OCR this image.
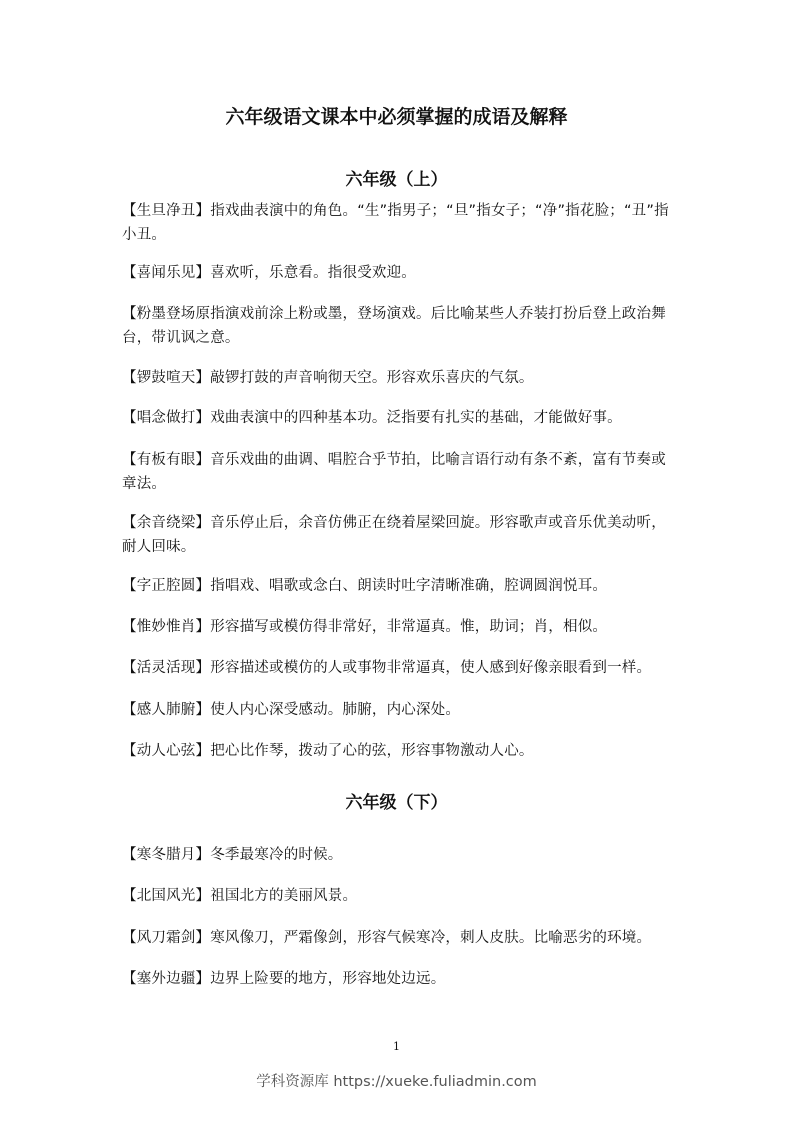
六年级语文课本中必须掌握的成语及解释
六年级（上）
【生旦净丑】指戏曲表演中的角色。“生”指男子；“旦”指女子；“净”指花脸；“丑”指小丑。
【喜闻乐见】喜欢听，乐意看。指很受欢迎。
【粉墨登场原指演戏前涂上粉或墨，登场演戏。后比喻某些人乔装打扮后登上政治舞台，带讥讽之意。
【锣鼓喧天】敲锣打鼓的声音响彻天空。形容欢乐喜庆的气氛。
【唱念做打】戏曲表演中的四种基本功。泛指要有扎实的基础，才能做好事。
【有板有眼】音乐戏曲的曲调、唱腔合乎节拍，比喻言语行动有条不紊，富有节奏或章法。
【余音绕梁】音乐停止后，余音仿佛正在绕着屋梁回旋。形容歌声或音乐优美动听，耐人回味。
【字正腔圆】指唱戏、唱歌或念白、朗读时吐字清晰准确，腔调圆润悦耳。
【惟妙惟肖】形容描写或模仿得非常好，非常逼真。惟，助词；肖，相似。
【活灵活现】形容描述或模仿的人或事物非常逼真，使人感到好像亲眼看到一样。
【感人肺腑】使人内心深受感动。肺腑，内心深处。
【动人心弦】把心比作琴，拨动了心的弦，形容事物激动人心。
六年级（下）
【寒冬腊月】冬季最寒冷的时候。
【北国风光】祖国北方的美丽风景。
【风刀霜剑】寒风像刀，严霜像剑，形容气候寒冷，刺人皮肤。比喻恶劣的环境。
【塞外边疆】边界上险要的地方，形容地处边远。
1
学科资源库 https://xueke.fuliadmin.com
